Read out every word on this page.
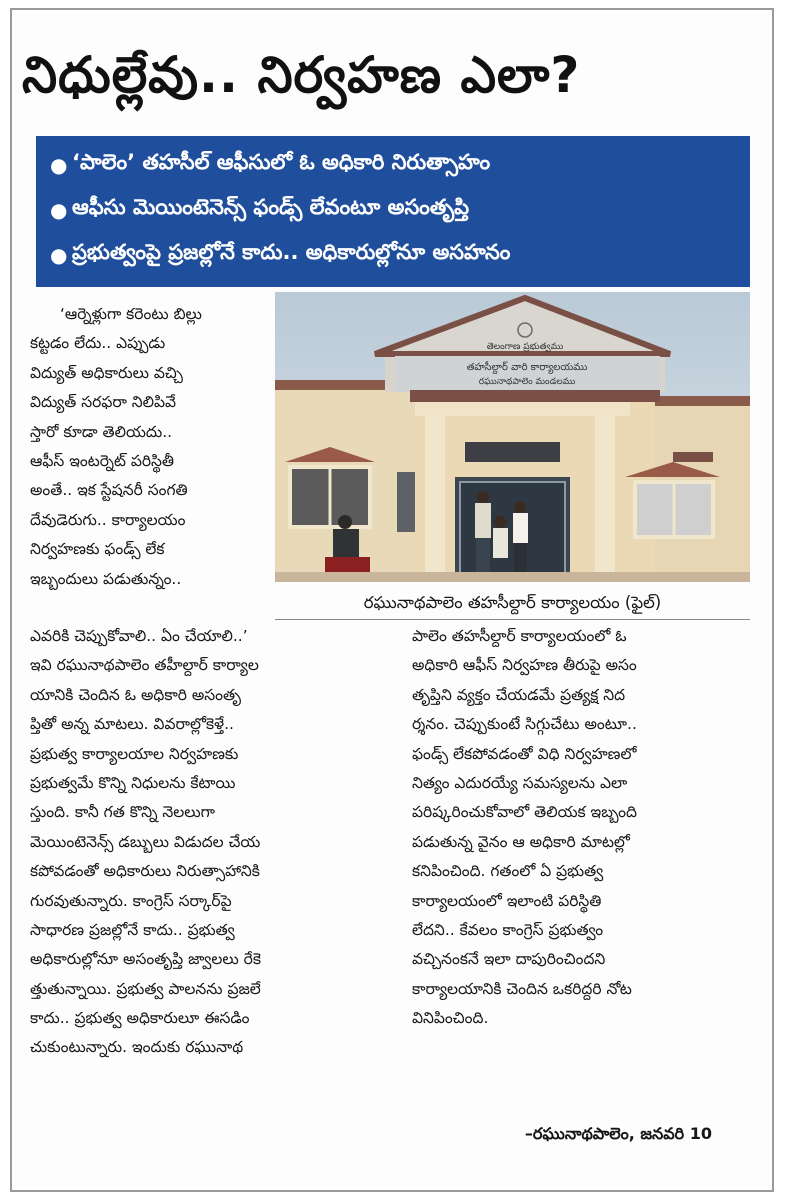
నిధుల్లేవు.. నిర్వహణ ఎలా?
● ‘పాలెం’ తహసీల్ ఆఫీసులో ఓ అధికారి నిరుత్సాహం
● ఆఫీసు మెయింటెనెన్స్ ఫండ్స్ లేవంటూ అసంతృప్తి
● ప్రభుత్వంపై ప్రజల్లోనే కాదు.. అధికారుల్లోనూ అసహనం
తెలంగాణ ప్రభుత్వము
తహసీల్దార్ వారి కార్యాలయము
రఘునాథపాలెం మండలము
రఘునాథపాలెం తహసీల్దార్ కార్యాలయం (ఫైల్)
‘ఆర్నెళ్లుగా కరెంటు బిల్లు
కట్టడం లేదు.. ఎప్పుడు
విద్యుత్ అధికారులు వచ్చి
విద్యుత్ సరఫరా నిలిపివే
స్తారో కూడా తెలియదు..
ఆఫీస్ ఇంటర్నెట్ పరిస్థితీ
అంతే.. ఇక స్టేషనరీ సంగతి
దేవుడెరుగు.. కార్యాలయం
నిర్వహణకు ఫండ్స్ లేక
ఇబ్బందులు పడుతున్నం..
ఎవరికి చెప్పుకోవాలి.. ఏం చేయాలి..’
ఇవి రఘునాథపాలెం తహీల్దార్ కార్యాల
యానికి చెందిన ఓ అధికారి అసంతృ
ప్తితో అన్న మాటలు. వివరాల్లోకెళ్తే..
ప్రభుత్వ కార్యాలయాల నిర్వహణకు
ప్రభుత్వమే కొన్ని నిధులను కేటాయి
స్తుంది. కానీ గత కొన్ని నెలలుగా
మెయింటెనెన్స్ డబ్బులు విడుదల చేయ
కపోవడంతో అధికారులు నిరుత్సాహానికి
గురవుతున్నారు. కాంగ్రెస్ సర్కార్‌పై
సాధారణ ప్రజల్లోనే కాదు.. ప్రభుత్వ
అధికారుల్లోనూ అసంతృప్తి జ్వాలలు రేకె
త్తుతున్నాయి. ప్రభుత్వ పాలనను ప్రజలే
కాదు.. ప్రభుత్వ అధికారులూ ఈసడిం
చుకుంటున్నారు. ఇందుకు రఘునాథ
పాలెం తహసీల్దార్ కార్యాలయంలో ఓ
అధికారి ఆఫీస్ నిర్వహణ తీరుపై అసం
తృప్తిని వ్యక్తం చేయడమే ప్రత్యక్ష నిద
ర్శనం. చెప్పుకుంటే సిగ్గుచేటు అంటూ..
ఫండ్స్ లేకపోవడంతో విధి నిర్వహణలో
నిత్యం ఎదురయ్యే సమస్యలను ఎలా
పరిష్కరించుకోవాలో తెలియక ఇబ్బంది
పడుతున్న వైనం ఆ అధికారి మాటల్లో
కనిపించింది. గతంలో ఏ ప్రభుత్వ
కార్యాలయంలో ఇలాంటి పరిస్థితి
లేదని.. కేవలం కాంగ్రెస్ ప్రభుత్వం
వచ్చినంకనే ఇలా దాపురించిందని
కార్యాలయానికి చెందిన ఒకరిద్దరి నోట
వినిపించింది.
–రఘునాథపాలెం, జనవరి 10
